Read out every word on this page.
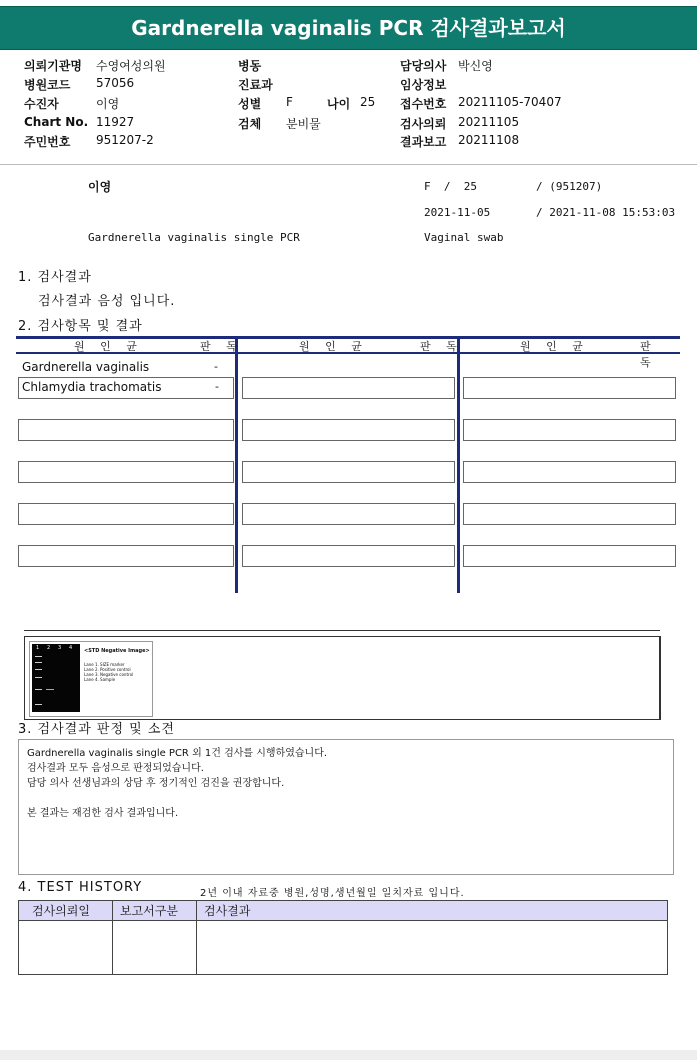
Gardnerella vaginalis PCR 검사결과보고서
의뢰기관명 수영여성의원
병원코드 57056
수진자	이영
Chart No. 11927
주민번호 951207-2
병동
진료과
성별 F	나이 25
검체 분비물
담당의사 박신영
임상정보
접수번호 20211105-70407
검사의뢰 20211105
결과보고 20211108
이영	F  /  25	/ (951207)
2021-11-05	/ 2021-11-08 15:53:03
Gardnerella vaginalis single PCR	Vaginal swab
1. 검사결과
검사결과 음성 입니다.
2. 검사항목 및 결과
원 인 균	판 독	원 인 균	판 독	원 인 균	판 독
Gardnerella vaginalis	-
Chlamydia trachomatis	-
1 2 3 4 <STD Negative Image>
Lane 1. SIZE marker
Lane 2. Positive control
Lane 3. Negative control
Lane 4. Sample
3. 검사결과 판정 및 소견
Gardnerella vaginalis single PCR 외 1건 검사를 시행하였습니다.
검사결과 모두 음성으로 판정되었습니다.
담당 의사 선생님과의 상담 후 정기적인 검진을 권장합니다.
본 결과는 재검한 검사 결과입니다.
4. TEST HISTORY	2년 이내 자료중 병원,성명,생년월일 일치자료 입니다.
검사의뢰일	보고서구분 검사결과
